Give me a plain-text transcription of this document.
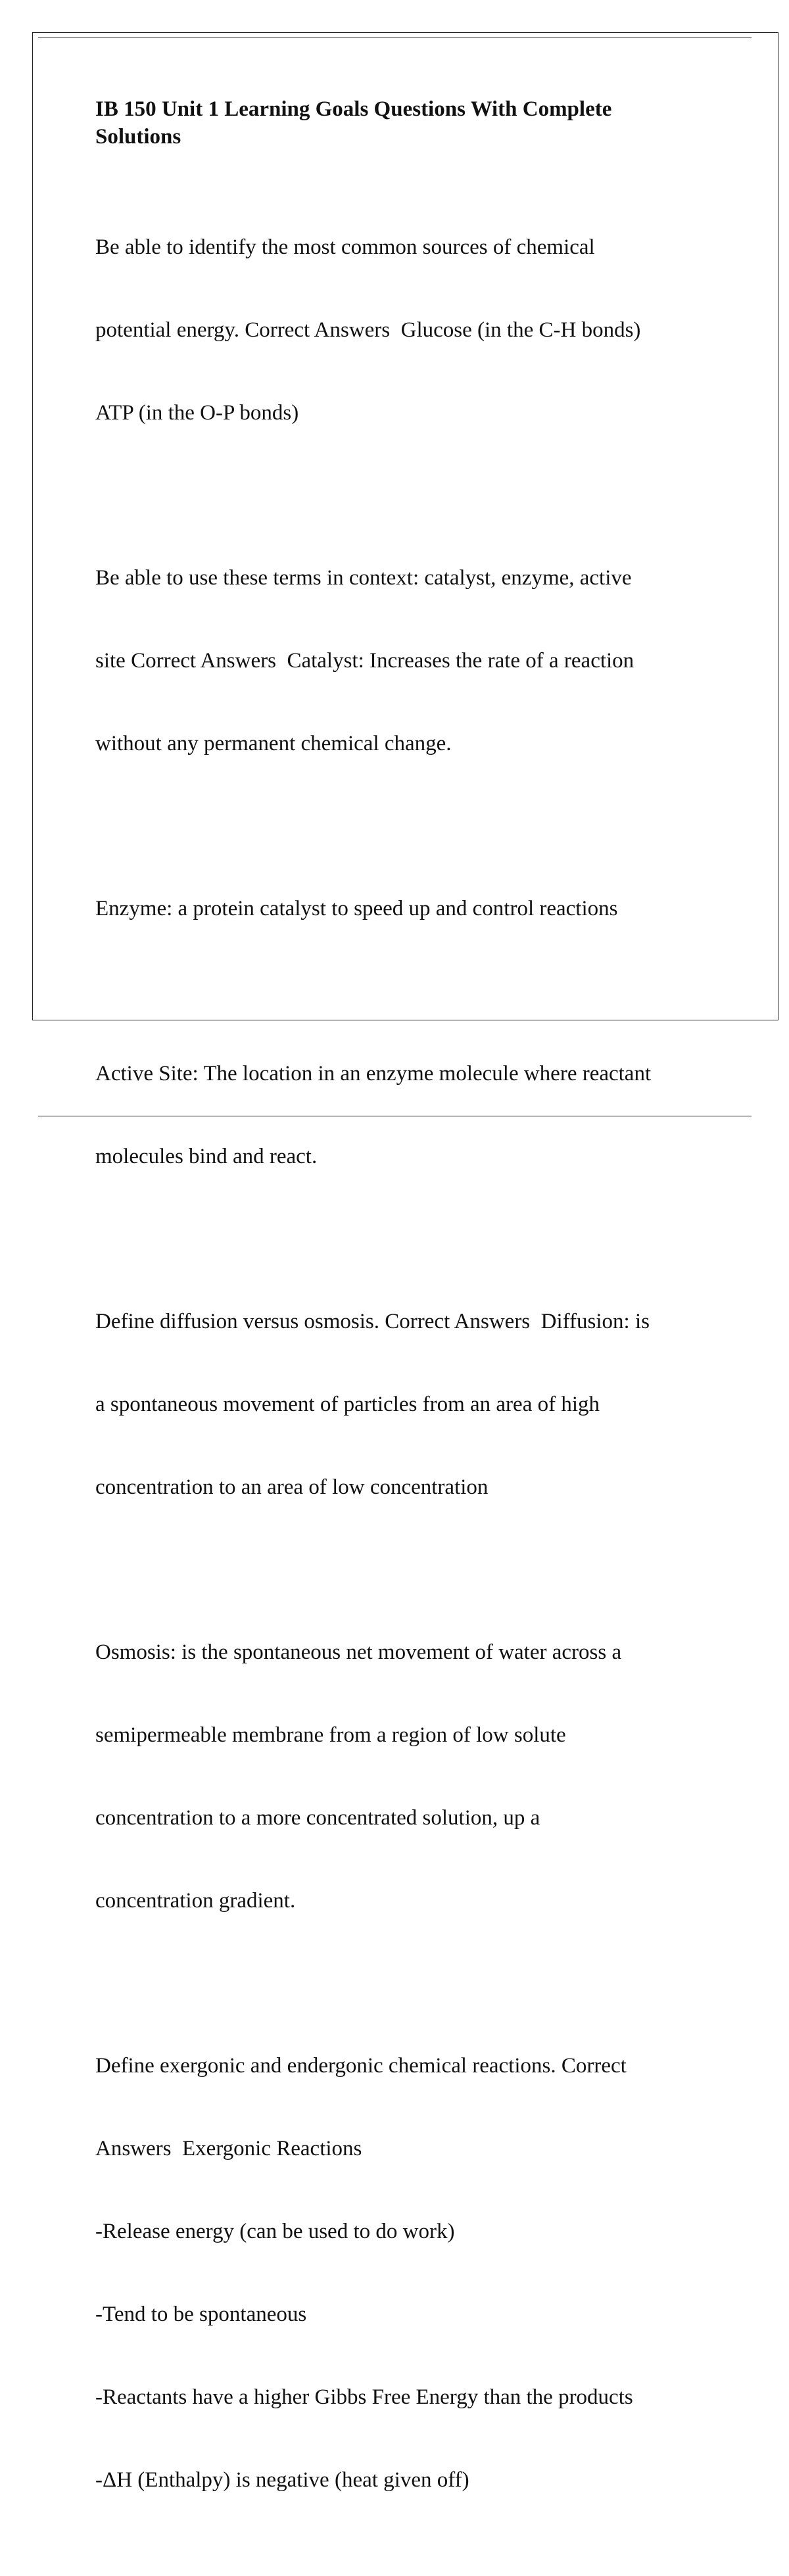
IB 150 Unit 1 Learning Goals Questions With Complete
Solutions

Be able to identify the most common sources of chemical

potential energy. Correct Answers  Glucose (in the C-H bonds)

ATP (in the O-P bonds)

Be able to use these terms in context: catalyst, enzyme, active

site Correct Answers  Catalyst: Increases the rate of a reaction

without any permanent chemical change.

Enzyme: a protein catalyst to speed up and control reactions

Active Site: The location in an enzyme molecule where reactant

molecules bind and react.

Define diffusion versus osmosis. Correct Answers  Diffusion: is

a spontaneous movement of particles from an area of high

concentration to an area of low concentration

Osmosis: is the spontaneous net movement of water across a

semipermeable membrane from a region of low solute

concentration to a more concentrated solution, up a

concentration gradient.

Define exergonic and endergonic chemical reactions. Correct

Answers  Exergonic Reactions

-Release energy (can be used to do work)

-Tend to be spontaneous

-Reactants have a higher Gibbs Free Energy than the products

-ΔH (Enthalpy) is negative (heat given off)
